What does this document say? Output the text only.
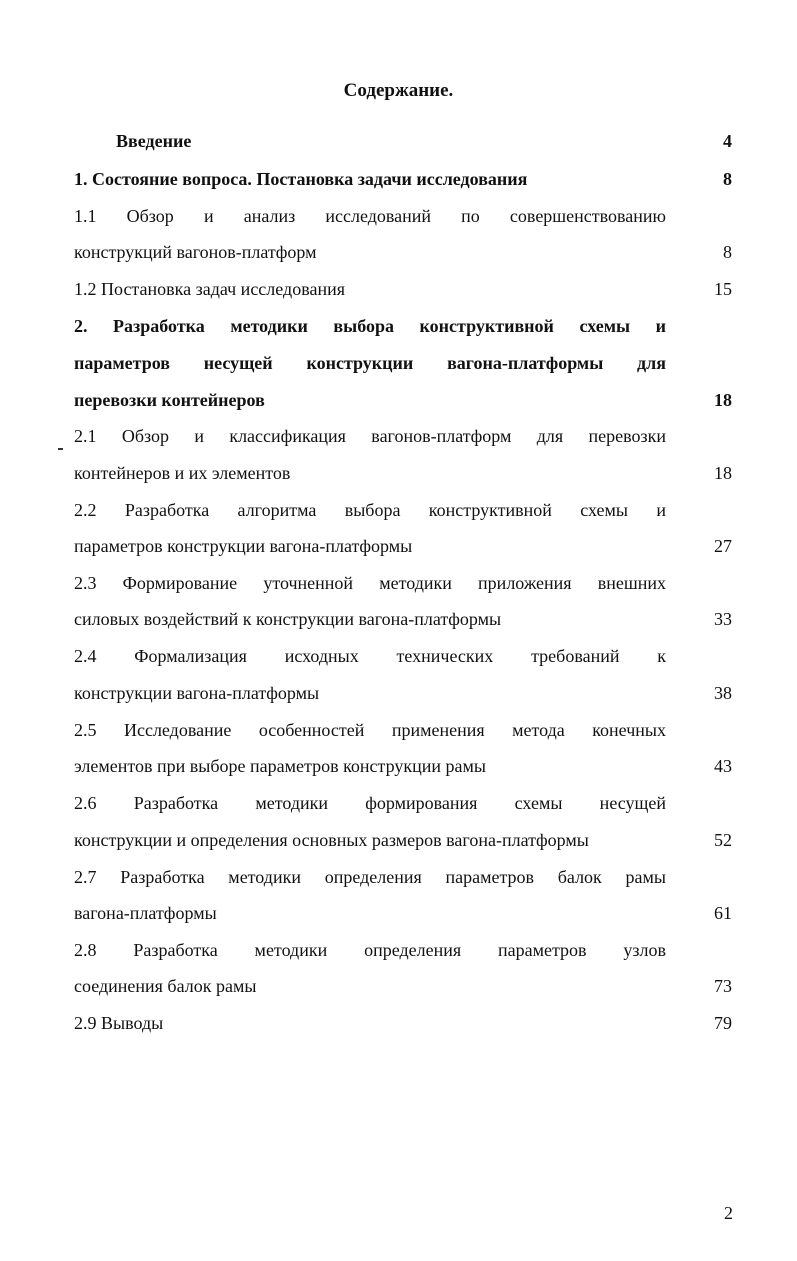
Содержание.
Введение	4
1. Состояние вопроса. Постановка задачи исследования	8
1.1 Обзор и анализ исследований по совершенствованию
конструкций вагонов-платформ	8
1.2 Постановка задач исследования	15
2. Разработка методики выбора конструктивной схемы и
параметров несущей конструкции вагона-платформы для
перевозки контейнеров	18
2.1 Обзор и классификация вагонов-платформ для перевозки
контейнеров и их элементов	18
2.2 Разработка алгоритма выбора конструктивной схемы и
параметров конструкции вагона-платформы	27
2.3 Формирование уточненной методики приложения внешних
силовых воздействий к конструкции вагона-платформы	33
2.4 Формализация исходных технических требований к
конструкции вагона-платформы	38
2.5 Исследование особенностей применения метода конечных
элементов при выборе параметров конструкции рамы	43
2.6 Разработка методики формирования схемы несущей
конструкции и определения основных размеров вагона-платформы	52
2.7 Разработка методики определения параметров балок рамы
вагона-платформы	61
2.8 Разработка методики определения параметров узлов
соединения балок рамы	73
2.9 Выводы	79
2
